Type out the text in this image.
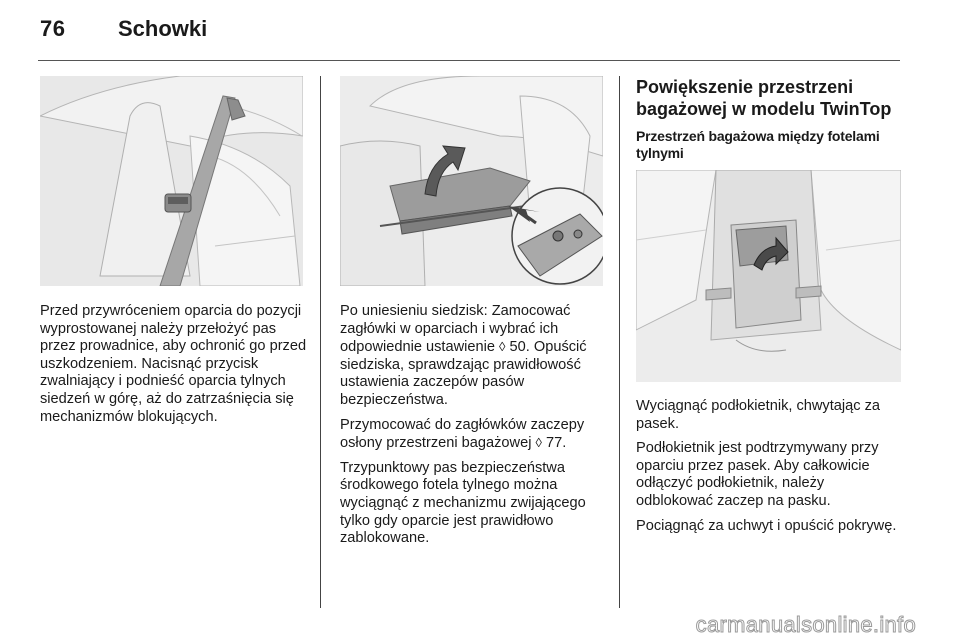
76 Schowki

Przed przywróceniem oparcia do pozycji wyprostowanej należy przełożyć pas przez prowadnice, aby ochronić go przed uszkodzeniem. Nacisnąć przycisk zwalniający i podnieść oparcia tylnych siedzeń w górę, aż do zatrzaśnięcia się mechanizmów blokujących.

Po uniesieniu siedzisk: Zamocować zagłówki w oparciach i wybrać ich odpowiednie ustawienie ◊ 50. Opuścić siedziska, sprawdzając prawidłowość ustawienia zaczepów pasów bezpieczeństwa.

Przymocować do zagłówków zaczepy osłony przestrzeni bagażowej ◊ 77.

Trzypunktowy pas bezpieczeństwa środkowego fotela tylnego można wyciągnąć z mechanizmu zwijającego tylko gdy oparcie jest prawidłowo zablokowane.

Powiększenie przestrzeni bagażowej w modelu TwinTop
Przestrzeń bagażowa między fotelami tylnymi

Wyciągnąć podłokietnik, chwytając za pasek.

Podłokietnik jest podtrzymywany przy oparciu przez pasek. Aby całkowicie odłączyć podłokietnik, należy odblokować zaczep na pasku.

Pociągnąć za uchwyt i opuścić pokrywę.

carmanualsonline.info
